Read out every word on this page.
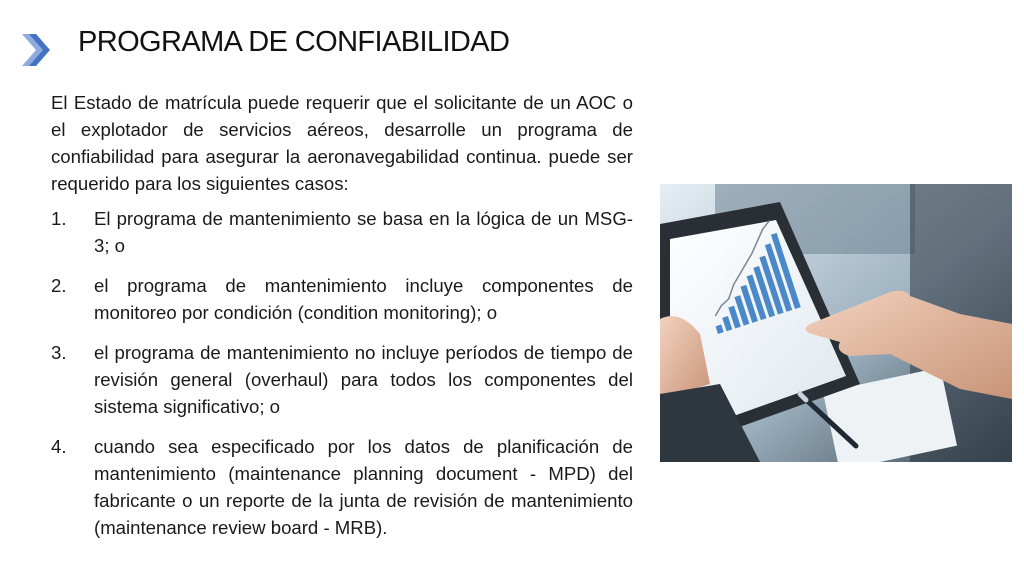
PROGRAMA DE CONFIABILIDAD

El Estado de matrícula puede requerir que el solicitante de un AOC o el explotador de servicios aéreos, desarrolle un programa de confiabilidad para asegurar la aeronavegabilidad continua. puede ser requerido para los siguientes casos:

1.	El programa de mantenimiento se basa en la lógica de un MSG-3; o
2.	el programa de mantenimiento incluye componentes de monitoreo por condición (condition monitoring); o
3.	el programa de mantenimiento no incluye períodos de tiempo de revisión general (overhaul) para todos los componentes del sistema significativo; o
4.	cuando sea especificado por los datos de planificación de mantenimiento (maintenance planning document - MPD) del fabricante o un reporte de la junta de revisión de mantenimiento (maintenance review board - MRB).
